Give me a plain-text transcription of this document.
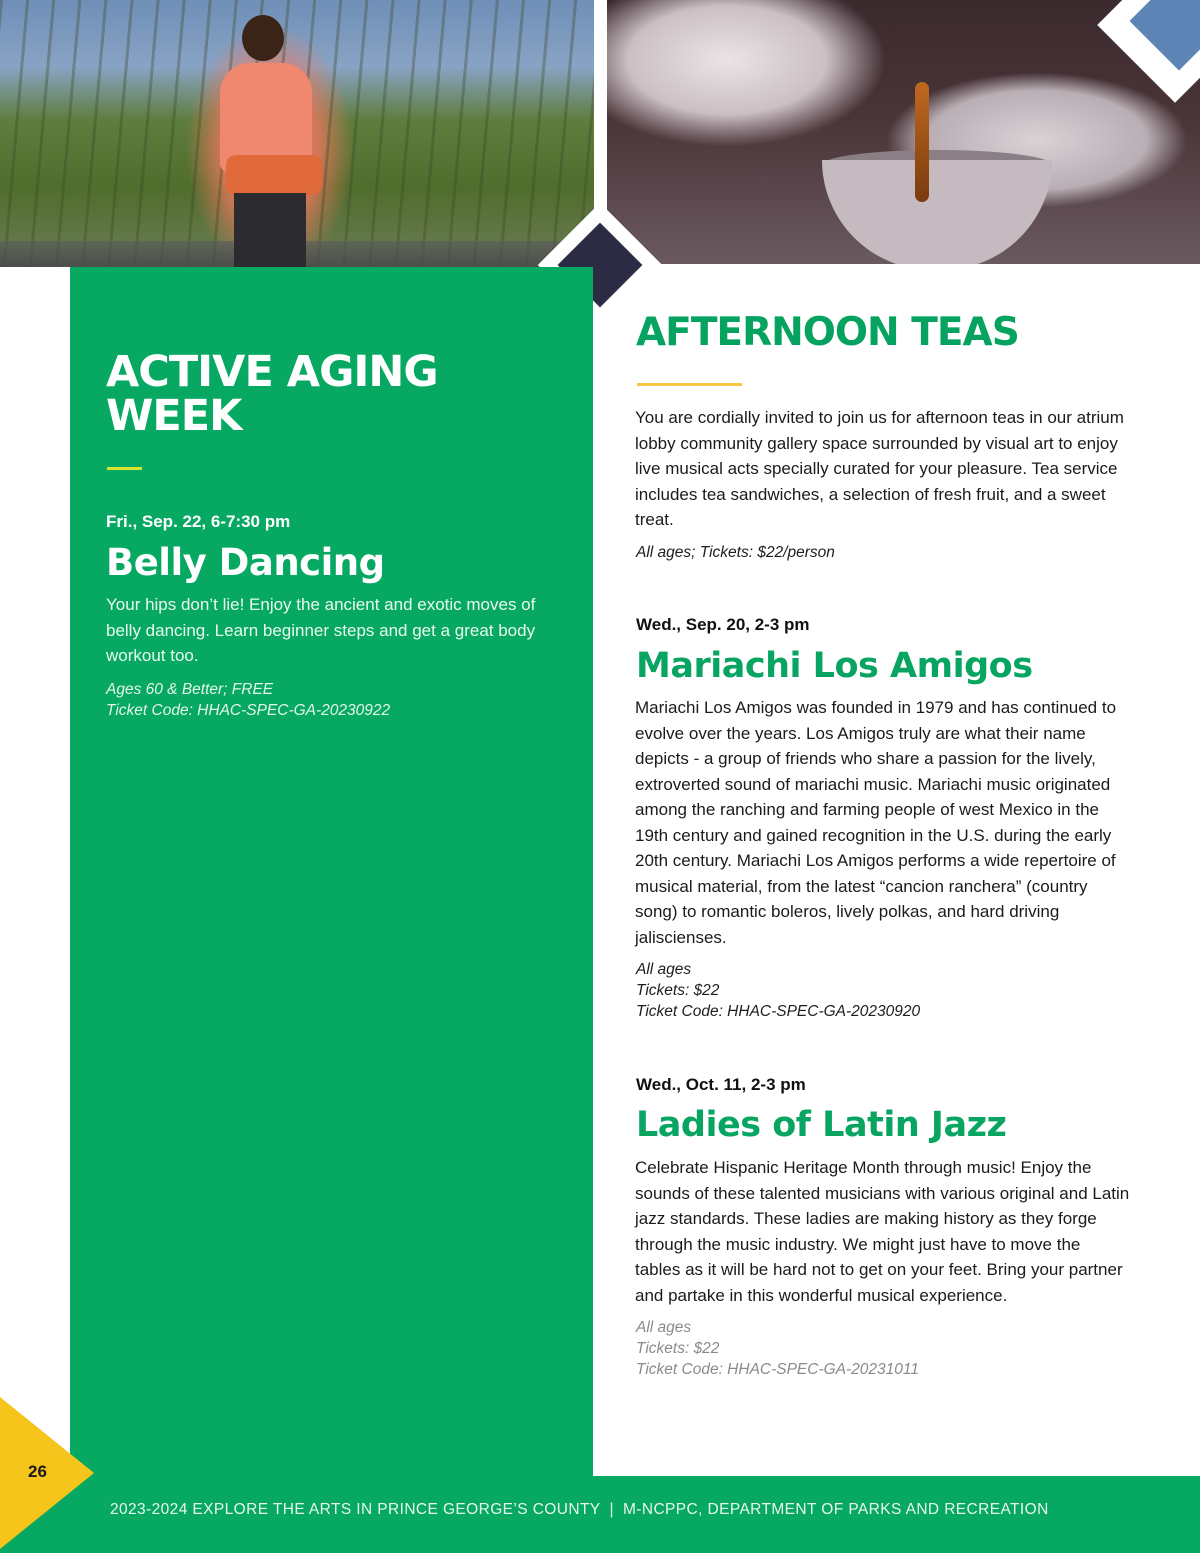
ACTIVE AGING WEEK
Fri., Sep. 22, 6-7:30 pm
Belly Dancing

Your hips don’t lie! Enjoy the ancient and exotic moves of belly dancing. Learn beginner steps and get a great body workout too.

Ages 60 & Better; FREE
Ticket Code: HHAC-SPEC-GA-20230922

AFTERNOON TEAS

You are cordially invited to join us for afternoon teas in our atrium lobby community gallery space surrounded by visual art to enjoy live musical acts specially curated for your pleasure. Tea service includes tea sandwiches, a selection of fresh fruit, and a sweet treat.

All ages; Tickets: $22/person

Wed., Sep. 20, 2-3 pm
Mariachi Los Amigos

Mariachi Los Amigos was founded in 1979 and has continued to evolve over the years. Los Amigos truly are what their name depicts - a group of friends who share a passion for the lively, extroverted sound of mariachi music. Mariachi music originated among the ranching and farming people of west Mexico in the 19th century and gained recognition in the U.S. during the early 20th century. Mariachi Los Amigos performs a wide repertoire of musical material, from the latest “cancion ranchera” (country song) to romantic boleros, lively polkas, and hard driving jaliscienses.

All ages
Tickets: $22
Ticket Code: HHAC-SPEC-GA-20230920

Wed., Oct. 11, 2-3 pm
Ladies of Latin Jazz

Celebrate Hispanic Heritage Month through music! Enjoy the sounds of these talented musicians with various original and Latin jazz standards. These ladies are making history as they forge through the music industry. We might just have to move the tables as it will be hard not to get on your feet. Bring your partner and partake in this wonderful musical experience.

All ages
Tickets: $22
Ticket Code: HHAC-SPEC-GA-20231011

2023-2024 EXPLORE THE ARTS IN PRINCE GEORGE’S COUNTY | M-NCPPC, DEPARTMENT OF PARKS AND RECREATION
26
